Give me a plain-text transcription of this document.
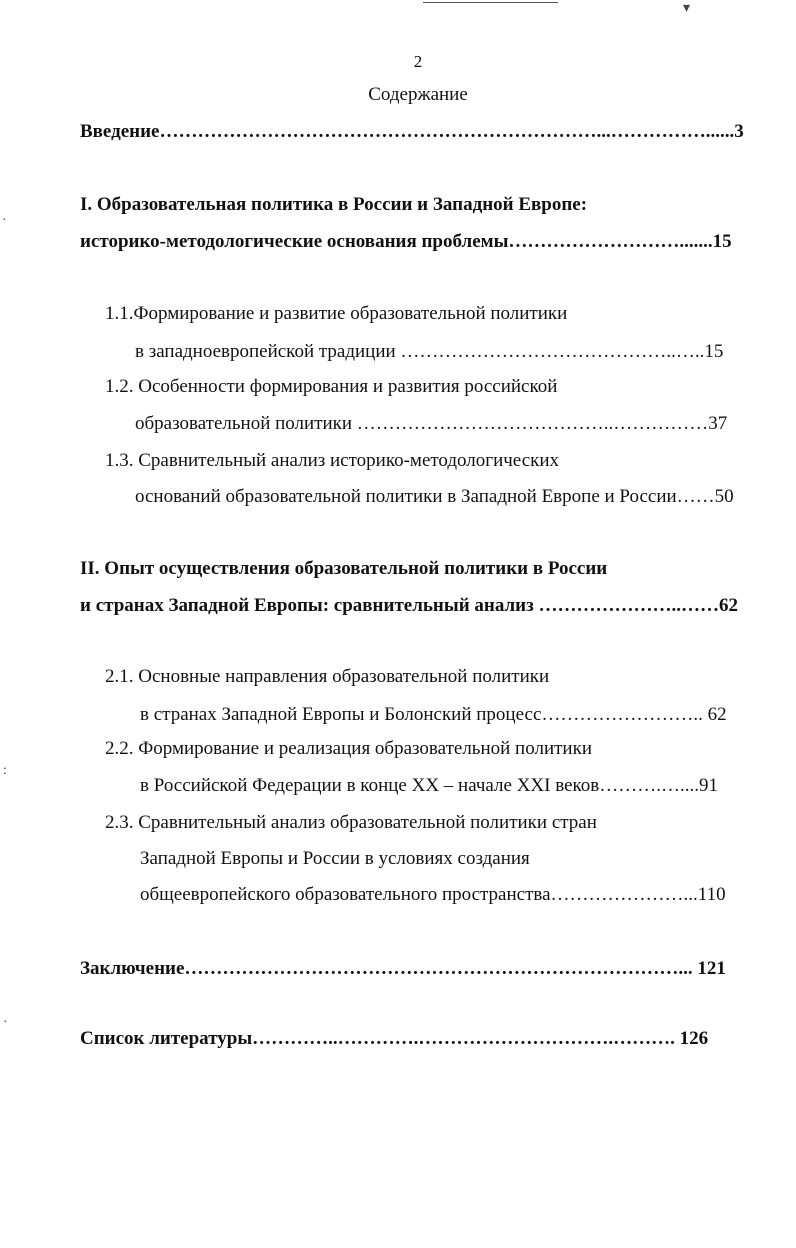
▾
·
:
·
2
Содержание
Введение……………………………………………………………...……………......3
I. Образовательная политика в России и Западной Европе:
историко-методологические основания проблемы……………………….......15
1.1.Формирование и развитие образовательной политики
в западноевропейской традиции ……………………………………..…..15
1.2. Особенности формирования и развития российской
образовательной политики …………………………………..……………37
1.3. Сравнительный анализ историко-методологических
оснований образовательной политики в Западной Европе и России……50
II. Опыт осуществления образовательной политики в России
и странах Западной Европы: сравнительный анализ …………………..……62
2.1. Основные направления образовательной политики
в странах Западной Европы и Болонский процесс…………………….. 62
2.2. Формирование и реализация образовательной политики
в Российской Федерации в конце XX – начале XXI веков……….…....91
2.3. Сравнительный анализ образовательной политики стран
Западной Европы и России в условиях создания
общеевропейского образовательного пространства…………………...110
Заключение……………………………………………………………………... 121
Список литературы…………..………….………………………….………. 126
